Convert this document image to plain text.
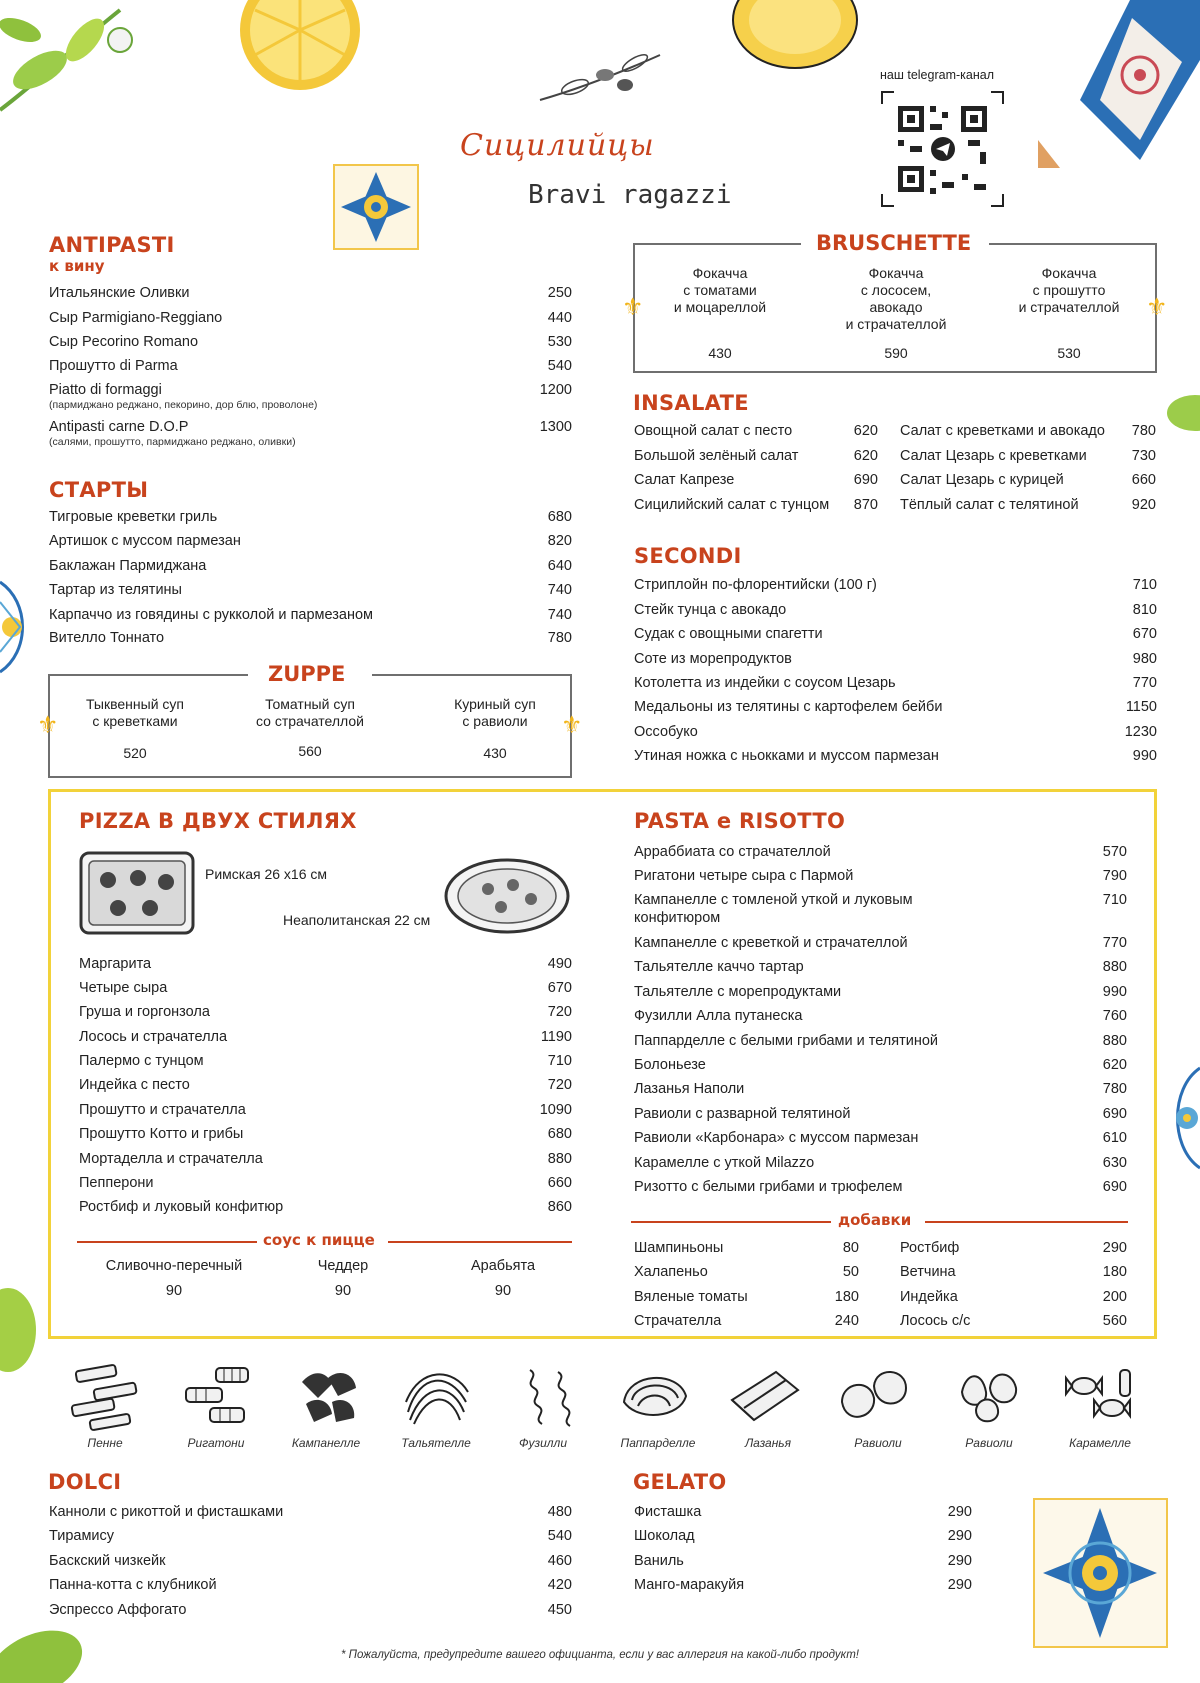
Сицилийцы
Bravi ragazzi
наш telegram-канал
ANTIPASTI
к вину
Итальянские Оливки	250
Сыр Parmigiano-Reggiano	440
Сыр Pecorino Romano	530
Прошутто di Parma	540
Piatto di formaggi
(пармиджано реджано, пекорино, дор блю, проволоне)
1200
Antipasti carne D.O.P
(салями, прошутто, пармиджано реджано, оливки)
1300
СТАРТЫ
Тигровые креветки гриль	680
Артишок с муссом пармезан	820
Баклажан Пармиджана	640
Тартар из телятины	740
Карпаччо из говядины с рукколой и пармезаном	740
Вителло Тоннато	780
ZUPPE
Тыквенный суп
с креветками
520
Томатный суп
со страчателлой
560
Куриный суп
с равиоли
430
⚜	⚜
BRUSCHETTE
Фокачча
с томатами
и моцареллой
430
Фокачча
с лососем,
авокадо
и страчателлой
590
Фокачча
с прошутто
и страчателлой
530
⚜	⚜
INSALATE
Овощной салат с песто	620
Большой зелёный салат	620
Салат Капрезе	690
Сицилийский салат с тунцом 870
Салат с креветками и авокадо 780
Салат Цезарь с креветками	730
Салат Цезарь с курицей	660
Тёплый салат с телятиной	920
SECONDI
Стриплойн по-флорентийски (100 г)	710
Стейк тунца с авокадо	810
Судак с овощными спагетти	670
Соте из морепродуктов	980
Котолетта из индейки с соусом Цезарь	770
Медальоны из телятины с картофелем бейби	1150
Оссобуко	1230
Утиная ножка с ньокками и муссом пармезан	990
PIZZA В ДВУХ СТИЛЯХ
Римская 26 х16 см
Неаполитанская 22 см
Маргарита	490
Четыре сыра	670
Груша и горгонзола	720
Лосось и страчателла	1190
Палермо с тунцом	710
Индейка с песто	720
Прошутто и страчателла	1090
Прошутто Котто и грибы	680
Мортаделла и страчателла	880
Пепперони	660
Ростбиф и луковый конфитюр	860
соус к пицце
Сливочно-перечный
90
Чеддер
90
Арабьята
90
PASTA e RISOTTO
Арраббиата со страчателлой	570
Ригатони четыре сыра с Пармой	790
Кампанелле с томленой уткой и луковым
конфитюром
710
Кампанелле с креветкой и страчателлой	770
Тальятелле каччо тартар	880
Тальятелле с морепродуктами	990
Фузилли Алла путанеска	760
Паппарделле с белыми грибами и телятиной	880
Болоньезе	620
Лазанья Наполи	780
Равиоли с разварной телятиной	690
Равиоли «Карбонара» с муссом пармезан	610
Карамелле с уткой Milazzo	630
Ризотто с белыми грибами и трюфелем	690
добавки
Шампиньоны	80
Халапеньо	50
Вяленые томаты	180
Страчателла	240
Ростбиф	290
Ветчина	180
Индейка	200
Лосось с/с	560
Пенне	Ригатони	Кампанелле	Тальятелле	Фузилли	Паппарделле	Лазанья	Равиоли	Равиоли	Карамелле
DOLCI
Канноли с рикоттой и фисташками	480
Тирамису	540
Баскский чизкейк	460
Панна-котта с клубникой	420
Эспрессо Аффогато	450
GELATO
Фисташка	290
Шоколад	290
Ваниль	290
Манго-маракуйя	290
* Пожалуйста, предупредите вашего официанта, если у вас аллергия на какой-либо продукт!
